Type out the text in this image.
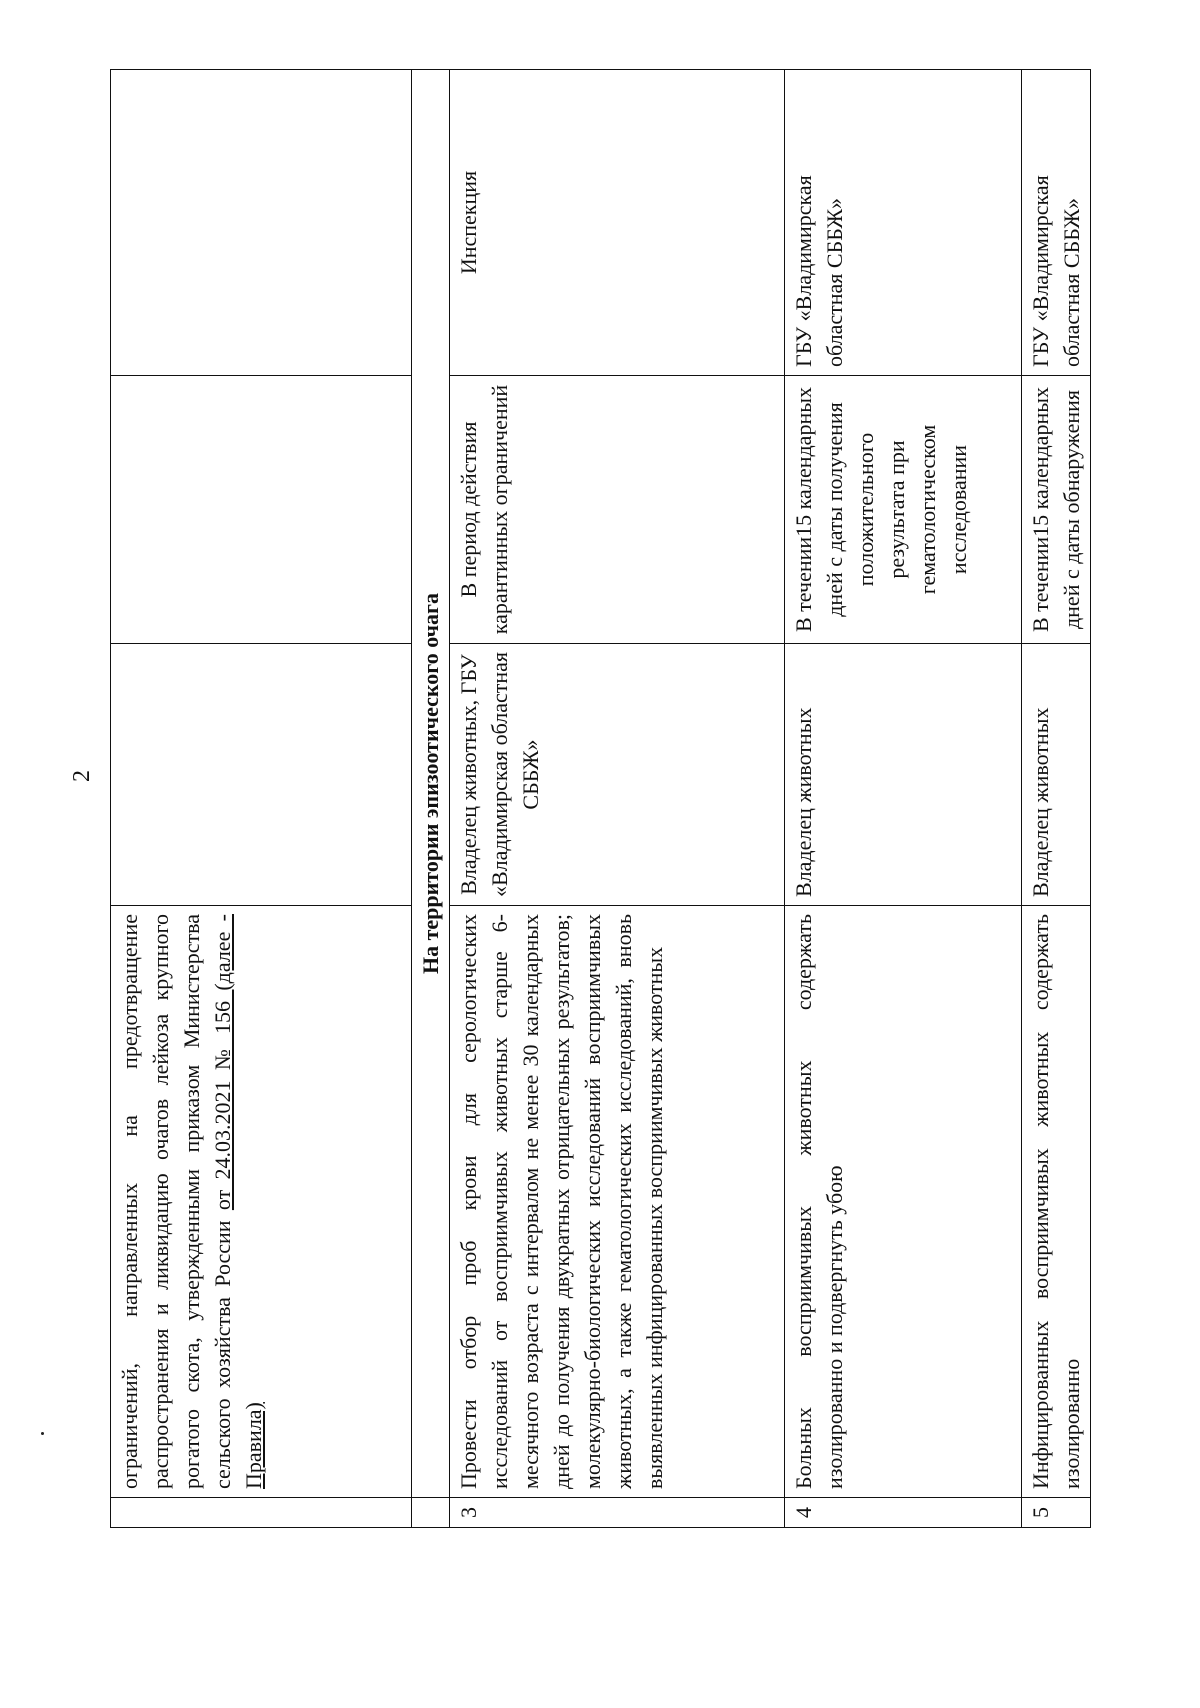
2
	ограничений, направленных на предотвращение распространения и ликвидацию очагов лейкоза крупного рогатого скота, утвержденными приказом Министерства сельского хозяйства России от 24.03.2021 № 156 (далее - Правила)			
	На территории эпизоотического очага			
3	Провести отбор проб крови для серологических исследований от восприимчивых животных старше 6-месячного возраста с интервалом не менее 30 календарных дней до получения двукратных отрицательных результатов; молекулярно-биологических исследований восприимчивых животных, а также гематологических исследований, вновь выявленных инфицированных восприимчивых животных	Владелец животных, ГБУ «Владимирская областная СББЖ»	В период действия карантинных ограничений	Инспекция
4	Больных восприимчивых животных содержать изолированно и подвергнуть убою	Владелец животных	В течении15 календарных дней с даты получения положительного результата при гематологическом исследовании	ГБУ «Владимирская областная СББЖ»
5	Инфицированных восприимчивых животных содержать изолированно	Владелец животных	В течении15 календарных дней с даты обнаружения	ГБУ «Владимирская областная СББЖ»
